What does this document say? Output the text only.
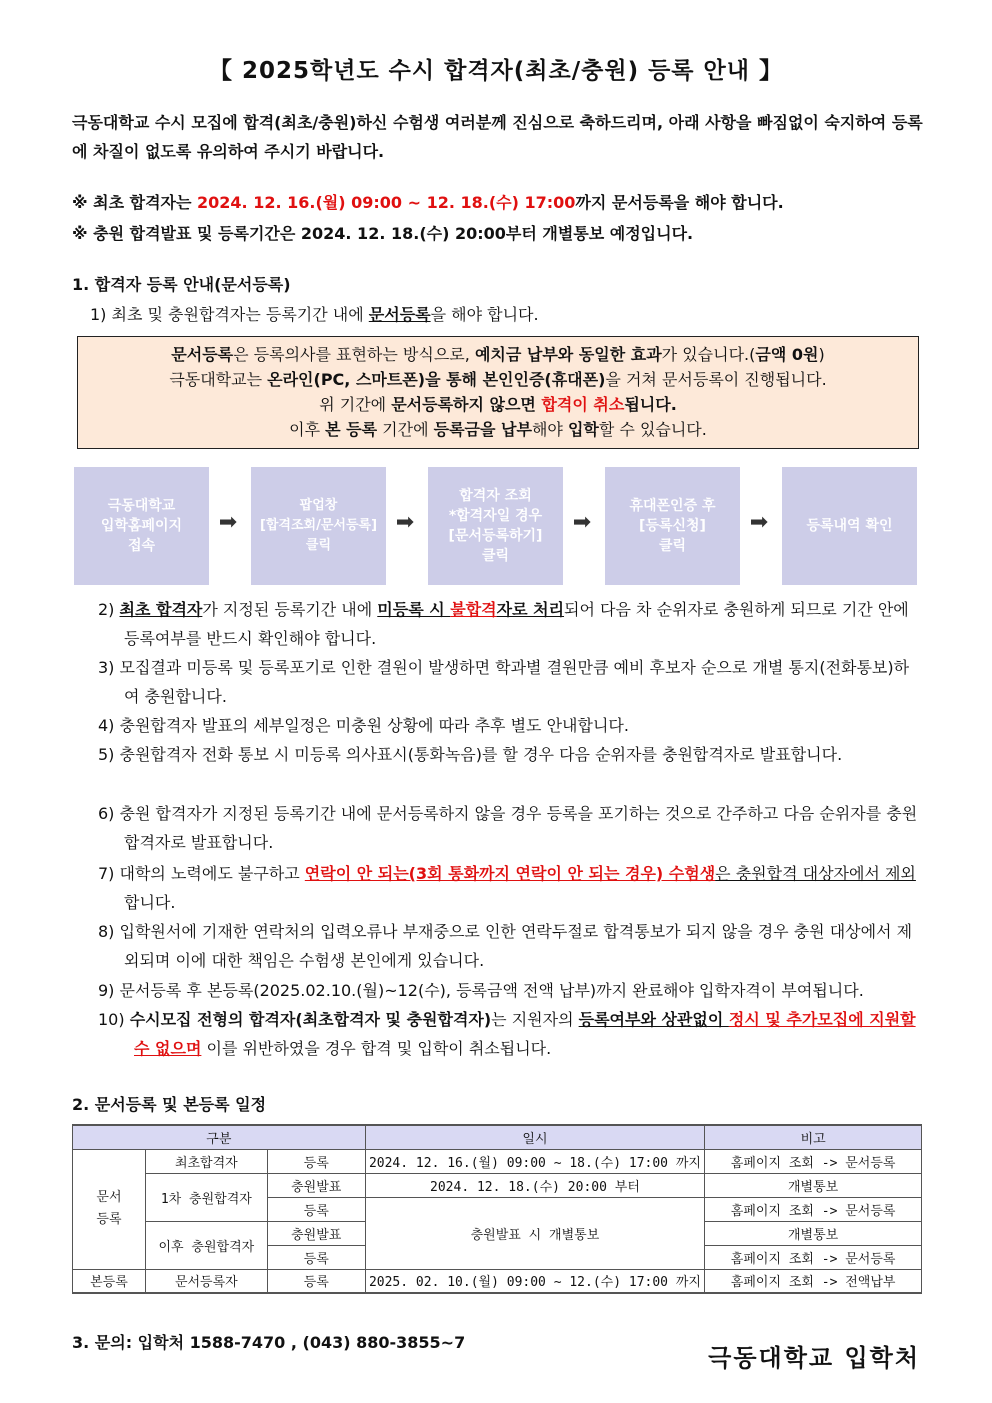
【 2025학년도 수시 합격자(최초/충원) 등록 안내 】
극동대학교 수시 모집에 합격(최초/충원)하신 수험생 여러분께 진심으로 축하드리며, 아래 사항을 빠짐없이 숙지하여 등록에 차질이 없도록 유의하여 주시기 바랍니다.
※ 최초 합격자는 2024. 12. 16.(월) 09:00 ~ 12. 18.(수) 17:00까지 문서등록을 해야 합니다.
※ 충원 합격발표 및 등록기간은 2024. 12. 18.(수) 20:00부터 개별통보 예정입니다.
1. 합격자 등록 안내(문서등록)
1) 최초 및 충원합격자는 등록기간 내에 문서등록을 해야 합니다.
문서등록은 등록의사를 표현하는 방식으로, 예치금 납부와 동일한 효과가 있습니다.(금액 0원)
극동대학교는 온라인(PC, 스마트폰)을 통해 본인인증(휴대폰)을 거쳐 문서등록이 진행됩니다.
위 기간에 문서등록하지 않으면 합격이 취소됩니다.
이후 본 등록 기간에 등록금을 납부해야 입학할 수 있습니다.
극동대학교
입학홈페이지
접속
➡
팝업창
[합격조회/문서등록]
클릭
➡
합격자 조회
*합격자일 경우
[문서등록하기]
클릭
➡
휴대폰인증 후
[등록신청]
클릭
➡	등록내역 확인
2) 최초 합격자가 지정된 등록기간 내에 미등록 시 불합격자로 처리되어 다음 차 순위자로 충원하게 되므로 기간 안에 등록여부를 반드시 확인해야 합니다.
3) 모집결과 미등록 및 등록포기로 인한 결원이 발생하면 학과별 결원만큼 예비 후보자 순으로 개별 통지(전화통보)하여 충원합니다.
4) 충원합격자 발표의 세부일정은 미충원 상황에 따라 추후 별도 안내합니다.
5) 충원합격자 전화 통보 시 미등록 의사표시(통화녹음)를 할 경우 다음 순위자를 충원합격자로 발표합니다.
6) 충원 합격자가 지정된 등록기간 내에 문서등록하지 않을 경우 등록을 포기하는 것으로 간주하고 다음 순위자를 충원합격자로 발표합니다.
7) 대학의 노력에도 불구하고 연락이 안 되는(3회 통화까지 연락이 안 되는 경우) 수험생은 충원합격 대상자에서 제외합니다.
8) 입학원서에 기재한 연락처의 입력오류나 부재중으로 인한 연락두절로 합격통보가 되지 않을 경우 충원 대상에서 제외되며 이에 대한 책임은 수험생 본인에게 있습니다.
9) 문서등록 후 본등록(2025.02.10.(월)~12(수), 등록금액 전액 납부)까지 완료해야 입학자격이 부여됩니다.
10) 수시모집 전형의 합격자(최초합격자 및 충원합격자)는 지원자의 등록여부와 상관없이 정시 및 추가모집에 지원할 수 없으며 이를 위반하였을 경우 합격 및 입학이 취소됩니다.
2. 문서등록 및 본등록 일정
구분			일시	비고
문서
등록	최초합격자	등록	2024. 12. 16.(월) 09:00 ~ 18.(수) 17:00 까지	홈페이지 조회 -> 문서등록
	1차 충원합격자	충원발표	2024. 12. 18.(수) 20:00 부터	개별통보
		등록	충원발표 시 개별통보	홈페이지 조회 -> 문서등록
	이후 충원합격자	충원발표		개별통보
		등록		홈페이지 조회 -> 문서등록
본등록	문서등록자	등록	2025. 02. 10.(월) 09:00 ~ 12.(수) 17:00 까지	홈페이지 조회 -> 전액납부
3. 문의: 입학처 1588-7470 , (043) 880-3855~7
극동대학교 입학처
